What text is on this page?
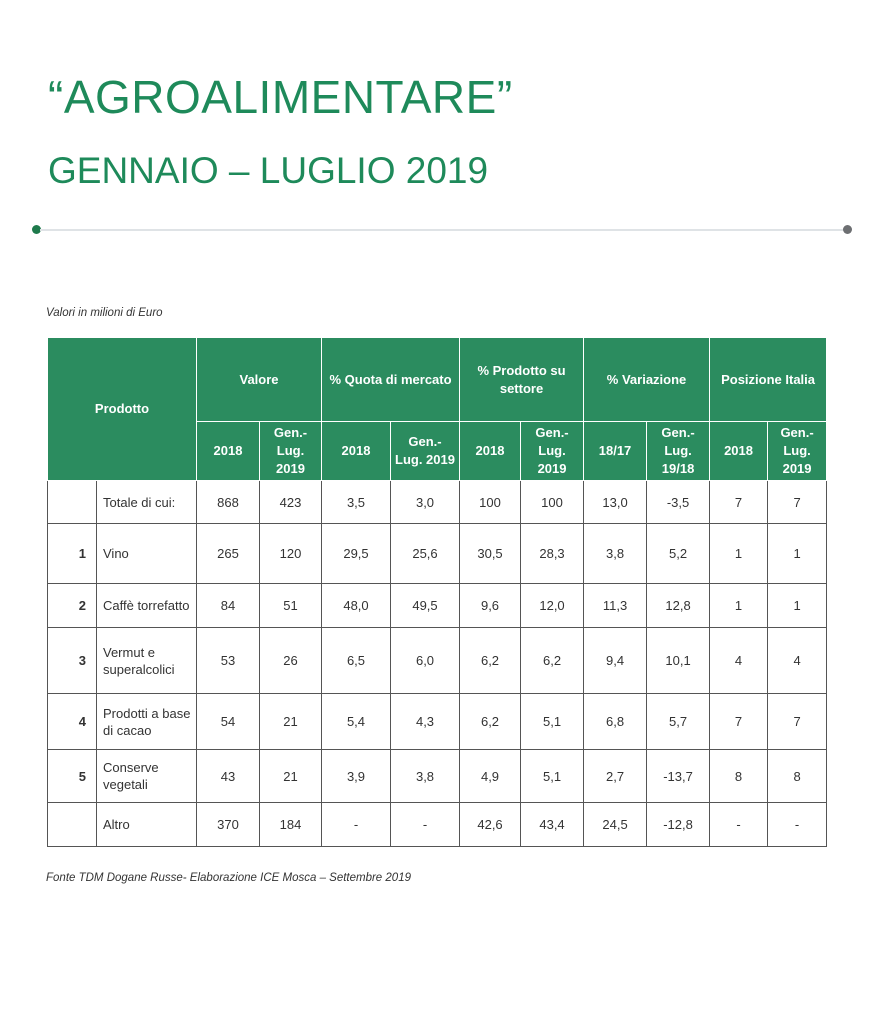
“AGROALIMENTARE”
GENNAIO – LUGLIO 2019
Valori in milioni di Euro
Prodotto		Valore		% Quota di mercato		% Prodotto su settore		% Variazione		Posizione Italia	
		2018	Gen.- Lug. 2019	2018	Gen.- Lug. 2019	2018	Gen.- Lug. 2019	18/17	Gen.- Lug. 19/18	2018	Gen.- Lug. 2019
	Totale di cui:	868	423	3,5	3,0	100	100	13,0	-3,5	7	7
1	Vino	265	120	29,5	25,6	30,5	28,3	3,8	5,2	1	1
2	Caffè torrefatto	84	51	48,0	49,5	9,6	12,0	11,3	12,8	1	1
3	Vermut e superalcolici	53	26	6,5	6,0	6,2	6,2	9,4	10,1	4	4
4	Prodotti a base di cacao	54	21	5,4	4,3	6,2	5,1	6,8	5,7	7	7
5	Conserve vegetali	43	21	3,9	3,8	4,9	5,1	2,7	-13,7	8	8
	Altro	370	184	-	-	42,6	43,4	24,5	-12,8	-	-
Fonte TDM Dogane Russe- Elaborazione ICE Mosca – Settembre 2019
